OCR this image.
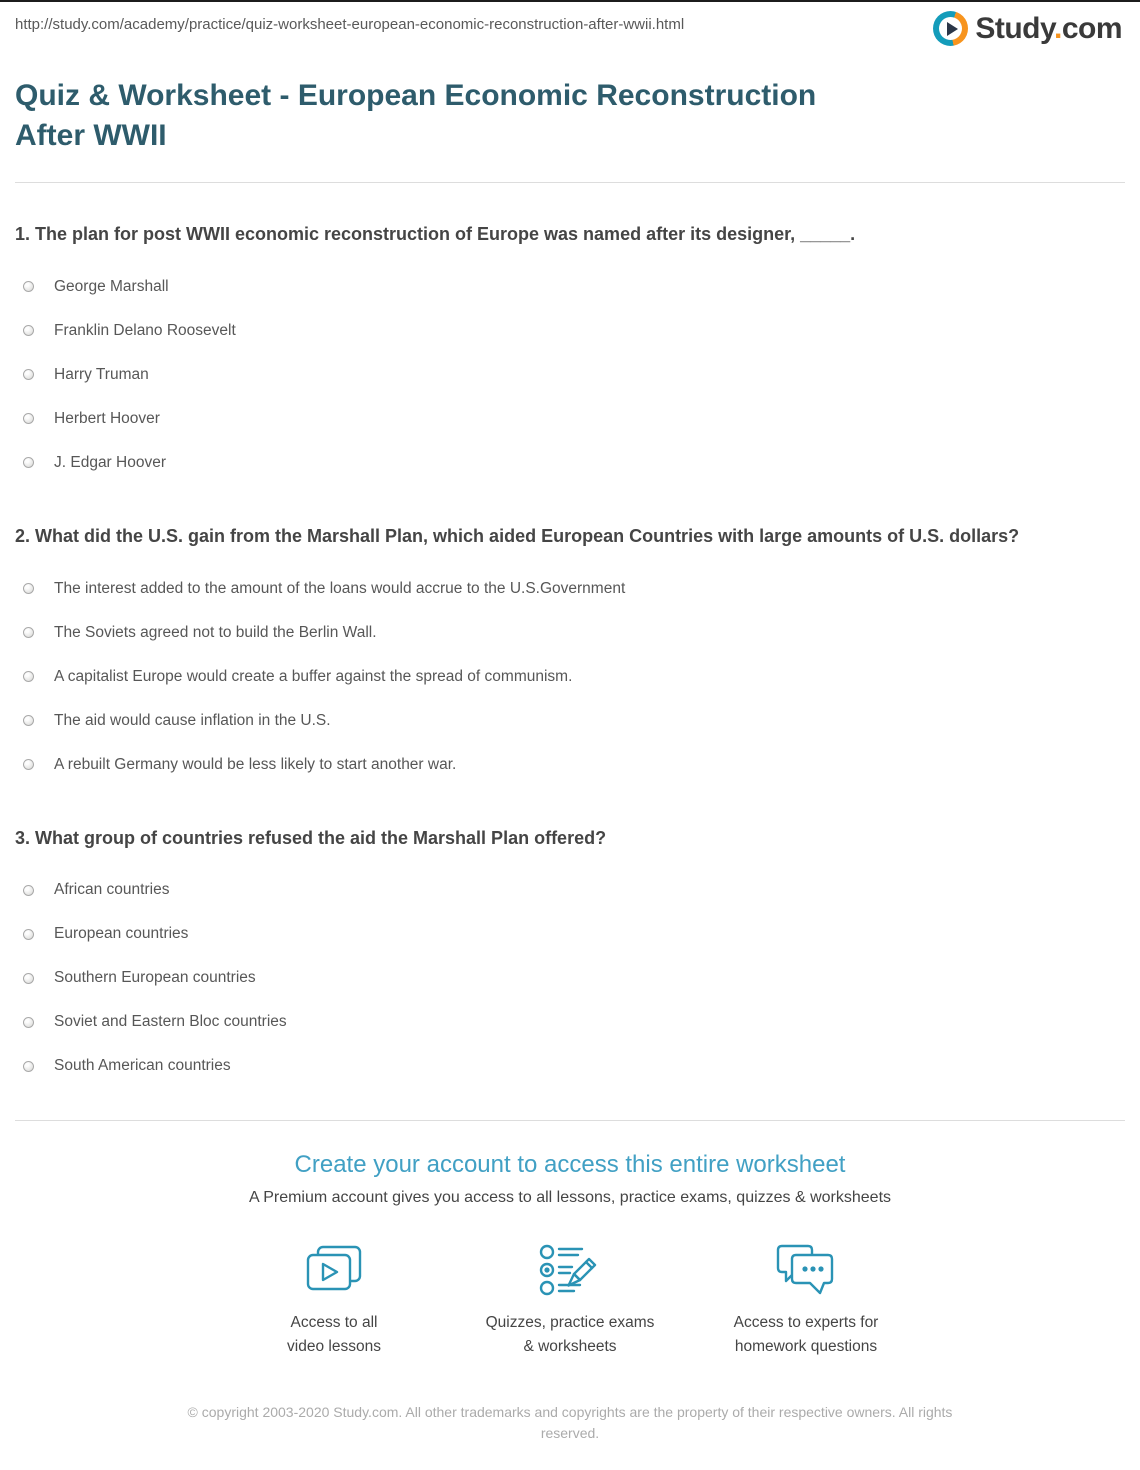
http://study.com/academy/practice/quiz-worksheet-european-economic-reconstruction-after-wwii.html	Study.com
Quiz & Worksheet - European Economic Reconstruction After WWII
1. The plan for post WWII economic reconstruction of Europe was named after its designer, _____.
George Marshall
Franklin Delano Roosevelt
Harry Truman
Herbert Hoover
J. Edgar Hoover
2. What did the U.S. gain from the Marshall Plan, which aided European Countries with large amounts of U.S. dollars?
The interest added to the amount of the loans would accrue to the U.S.Government
The Soviets agreed not to build the Berlin Wall.
A capitalist Europe would create a buffer against the spread of communism.
The aid would cause inflation in the U.S.
A rebuilt Germany would be less likely to start another war.
3. What group of countries refused the aid the Marshall Plan offered?
African countries
European countries
Southern European countries
Soviet and Eastern Bloc countries
South American countries
Create your account to access this entire worksheet
A Premium account gives you access to all lessons, practice exams, quizzes & worksheets
Access to all
video lessons
Quizzes, practice exams
& worksheets
Access to experts for
homework questions
© copyright 2003-2020 Study.com. All other trademarks and copyrights are the property of their respective owners. All rights reserved.
